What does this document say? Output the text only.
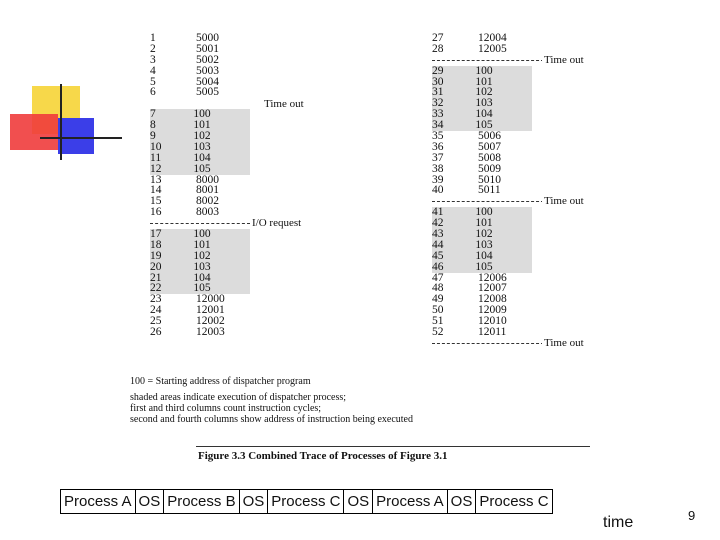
1	5000
2	5001
3	5002
4	5003
5	5004
6	5005
7	100
8	101
9	102
10	103
11	104
12	105
13	8000
14	8001
15	8002
16	8003
I/O request
17	100
18	101
19	102
20	103
21	104
22	105
23	12000
24	12001
25	12002
26	12003
Time out
27	12004
28	12005
Time out
29	100
30	101
31	102
32	103
33	104
34	105
35	5006
36	5007
37	5008
38	5009
39	5010
40	5011
Time out
41	100
42	101
43	102
44	103
45	104
46	105
47	12006
48	12007
49	12008
50	12009
51	12010
52	12011
Time out
100 = Starting address of dispatcher program
shaded areas indicate execution of dispatcher process;
first and third columns count instruction cycles;
second and fourth columns show address of instruction being executed
Figure 3.3 Combined Trace of Processes of Figure 3.1
Process A OS Process B OS Process C OS Process A OS Process C
time	9
